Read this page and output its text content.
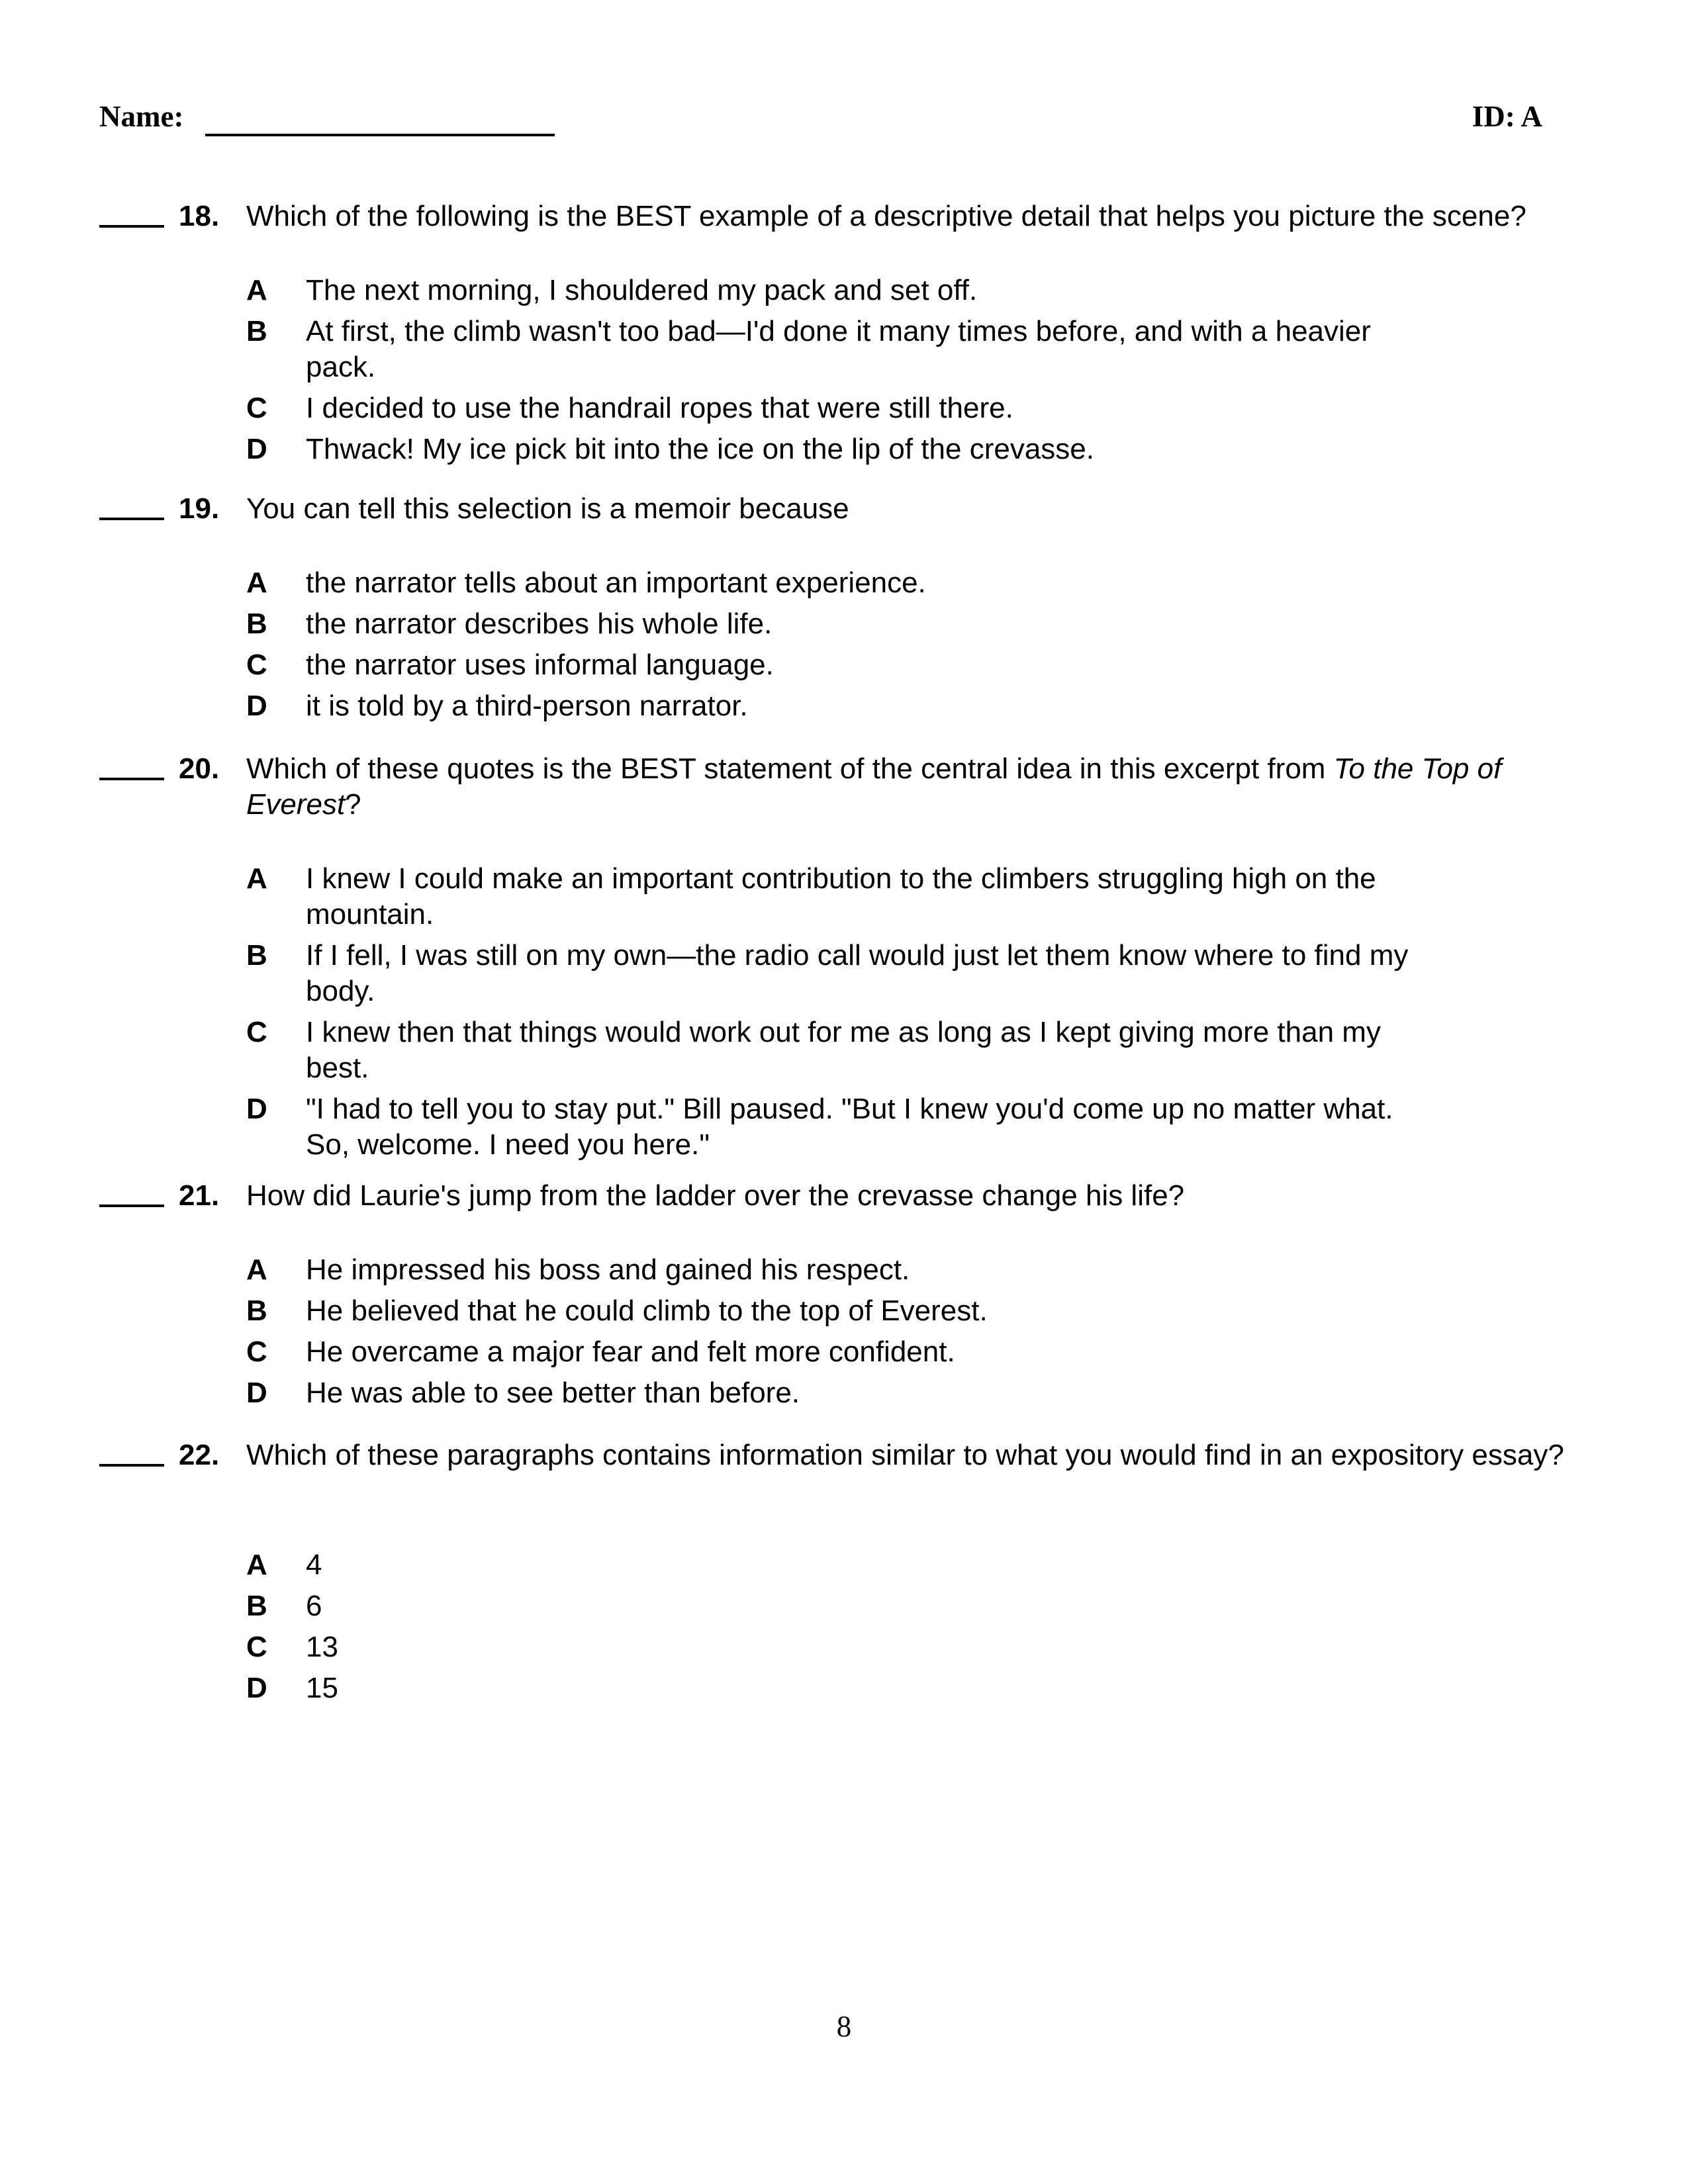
Name:	ID: A
18. Which of the following is the BEST example of a descriptive detail that helps you picture the scene?
A The next morning, I shouldered my pack and set off.
B At first, the climb wasn't too bad—I'd done it many times before, and with a heavier pack.
C I decided to use the handrail ropes that were still there.
D Thwack! My ice pick bit into the ice on the lip of the crevasse.
19. You can tell this selection is a memoir because
A the narrator tells about an important experience.
B the narrator describes his whole life.
C the narrator uses informal language.
D it is told by a third-person narrator.
20. Which of these quotes is the BEST statement of the central idea in this excerpt from To the Top of Everest?
A I knew I could make an important contribution to the climbers struggling high on the mountain.
B If I fell, I was still on my own—the radio call would just let them know where to find my body.
C I knew then that things would work out for me as long as I kept giving more than my best.
D "I had to tell you to stay put." Bill paused. "But I knew you'd come up no matter what. So, welcome. I need you here."
21. How did Laurie's jump from the ladder over the crevasse change his life?
A He impressed his boss and gained his respect.
B He believed that he could climb to the top of Everest.
C He overcame a major fear and felt more confident.
D He was able to see better than before.
22. Which of these paragraphs contains information similar to what you would find in an expository essay?
A 4
B 6
C 13
D 15
8
